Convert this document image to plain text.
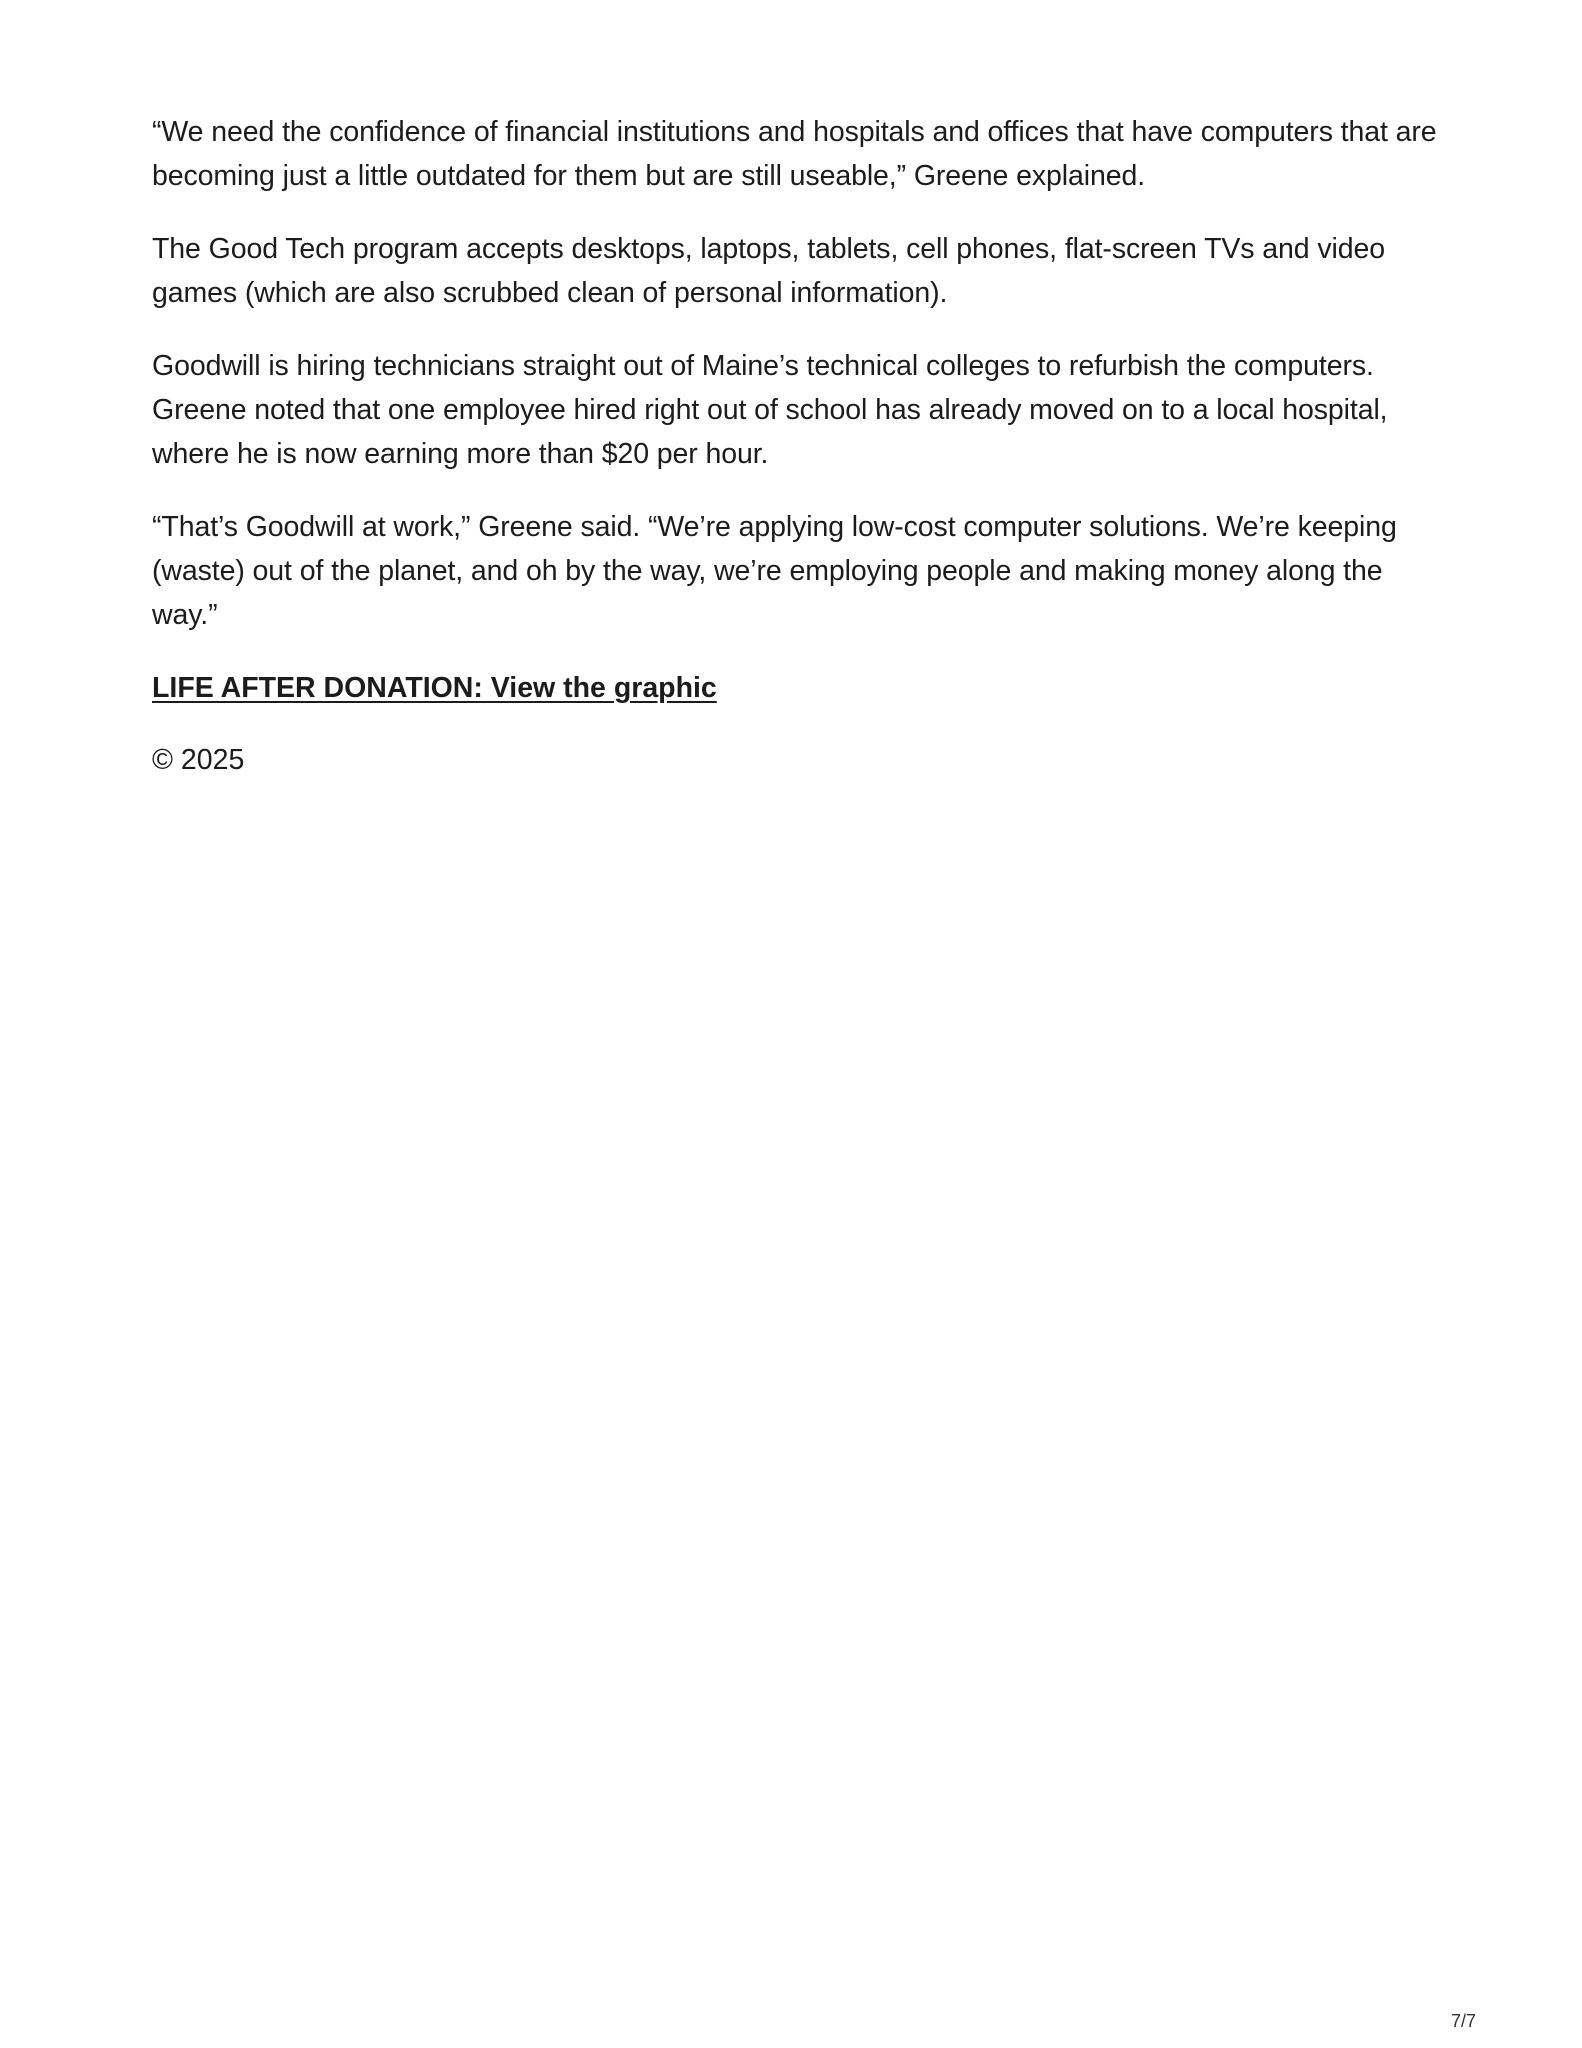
“We need the confidence of financial institutions and hospitals and offices that have computers that are becoming just a little outdated for them but are still useable,” Greene explained.

The Good Tech program accepts desktops, laptops, tablets, cell phones, flat-screen TVs and video games (which are also scrubbed clean of personal information).

Goodwill is hiring technicians straight out of Maine’s technical colleges to refurbish the computers. Greene noted that one employee hired right out of school has already moved on to a local hospital, where he is now earning more than $20 per hour.

“That’s Goodwill at work,” Greene said. “We’re applying low-cost computer solutions. We’re keeping (waste) out of the planet, and oh by the way, we’re employing people and making money along the way.”

LIFE AFTER DONATION: View the graphic

© 2025

7/7
